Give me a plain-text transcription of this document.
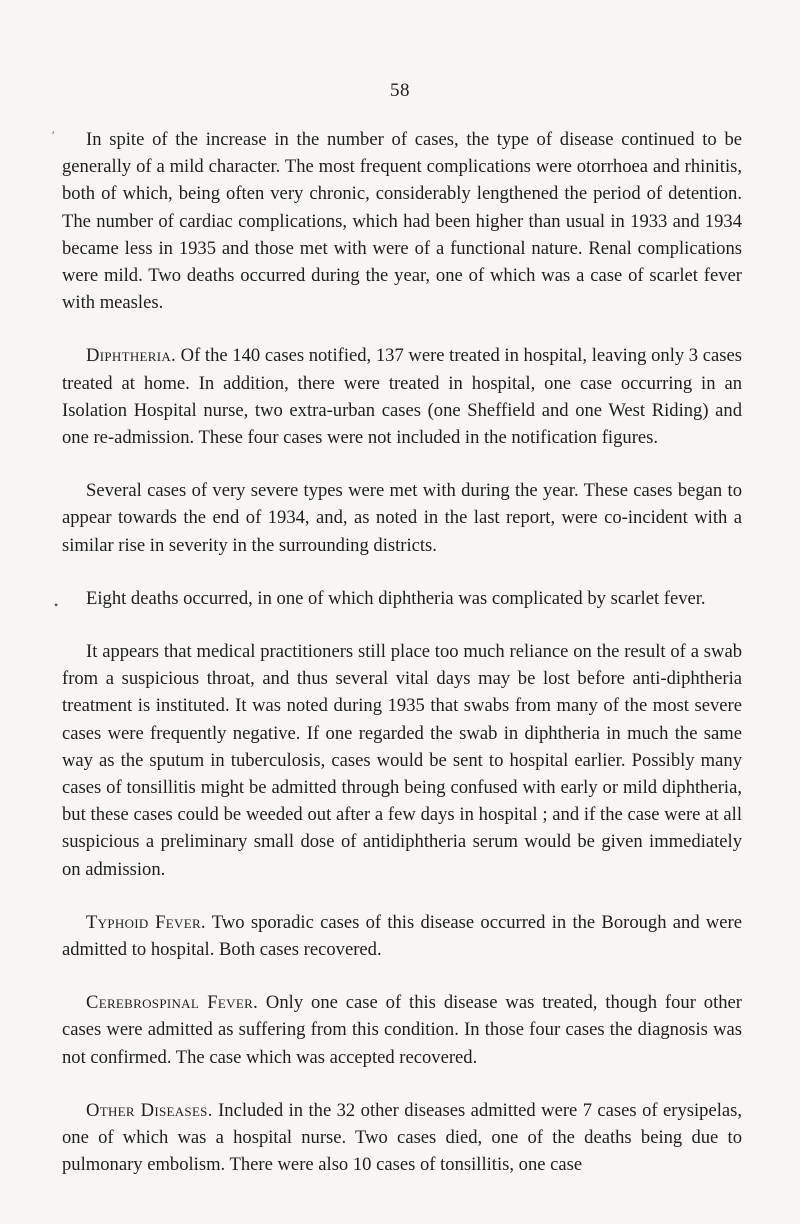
58

In spite of the increase in the number of cases, the type of disease continued to be generally of a mild character. The most frequent complications were otorrhoea and rhinitis, both of which, being often very chronic, considerably lengthened the period of detention. The number of cardiac complications, which had been higher than usual in 1933 and 1934 became less in 1935 and those met with were of a functional nature. Renal complications were mild. Two deaths occurred during the year, one of which was a case of scarlet fever with measles.

Diphtheria. Of the 140 cases notified, 137 were treated in hospital, leaving only 3 cases treated at home. In addition, there were treated in hospital, one case occurring in an Isolation Hospital nurse, two extra-urban cases (one Sheffield and one West Riding) and one re-admission. These four cases were not included in the notification figures.

Several cases of very severe types were met with during the year. These cases began to appear towards the end of 1934, and, as noted in the last report, were co-incident with a similar rise in severity in the surrounding districts.

Eight deaths occurred, in one of which diphtheria was complicated by scarlet fever.

It appears that medical practitioners still place too much reliance on the result of a swab from a suspicious throat, and thus several vital days may be lost before anti-diphtheria treatment is instituted. It was noted during 1935 that swabs from many of the most severe cases were frequently negative. If one regarded the swab in diphtheria in much the same way as the sputum in tuberculosis, cases would be sent to hospital earlier. Possibly many cases of tonsillitis might be admitted through being confused with early or mild diphtheria, but these cases could be weeded out after a few days in hospital ; and if the case were at all suspicious a preliminary small dose of antidiphtheria serum would be given immediately on admission.

Typhoid Fever. Two sporadic cases of this disease occurred in the Borough and were admitted to hospital. Both cases recovered.

Cerebrospinal Fever. Only one case of this disease was treated, though four other cases were admitted as suffering from this condition. In those four cases the diagnosis was not confirmed. The case which was accepted recovered.

Other Diseases. Included in the 32 other diseases admitted were 7 cases of erysipelas, one of which was a hospital nurse. Two cases died, one of the deaths being due to pulmonary embolism. There were also 10 cases of tonsillitis, one case

′
•
